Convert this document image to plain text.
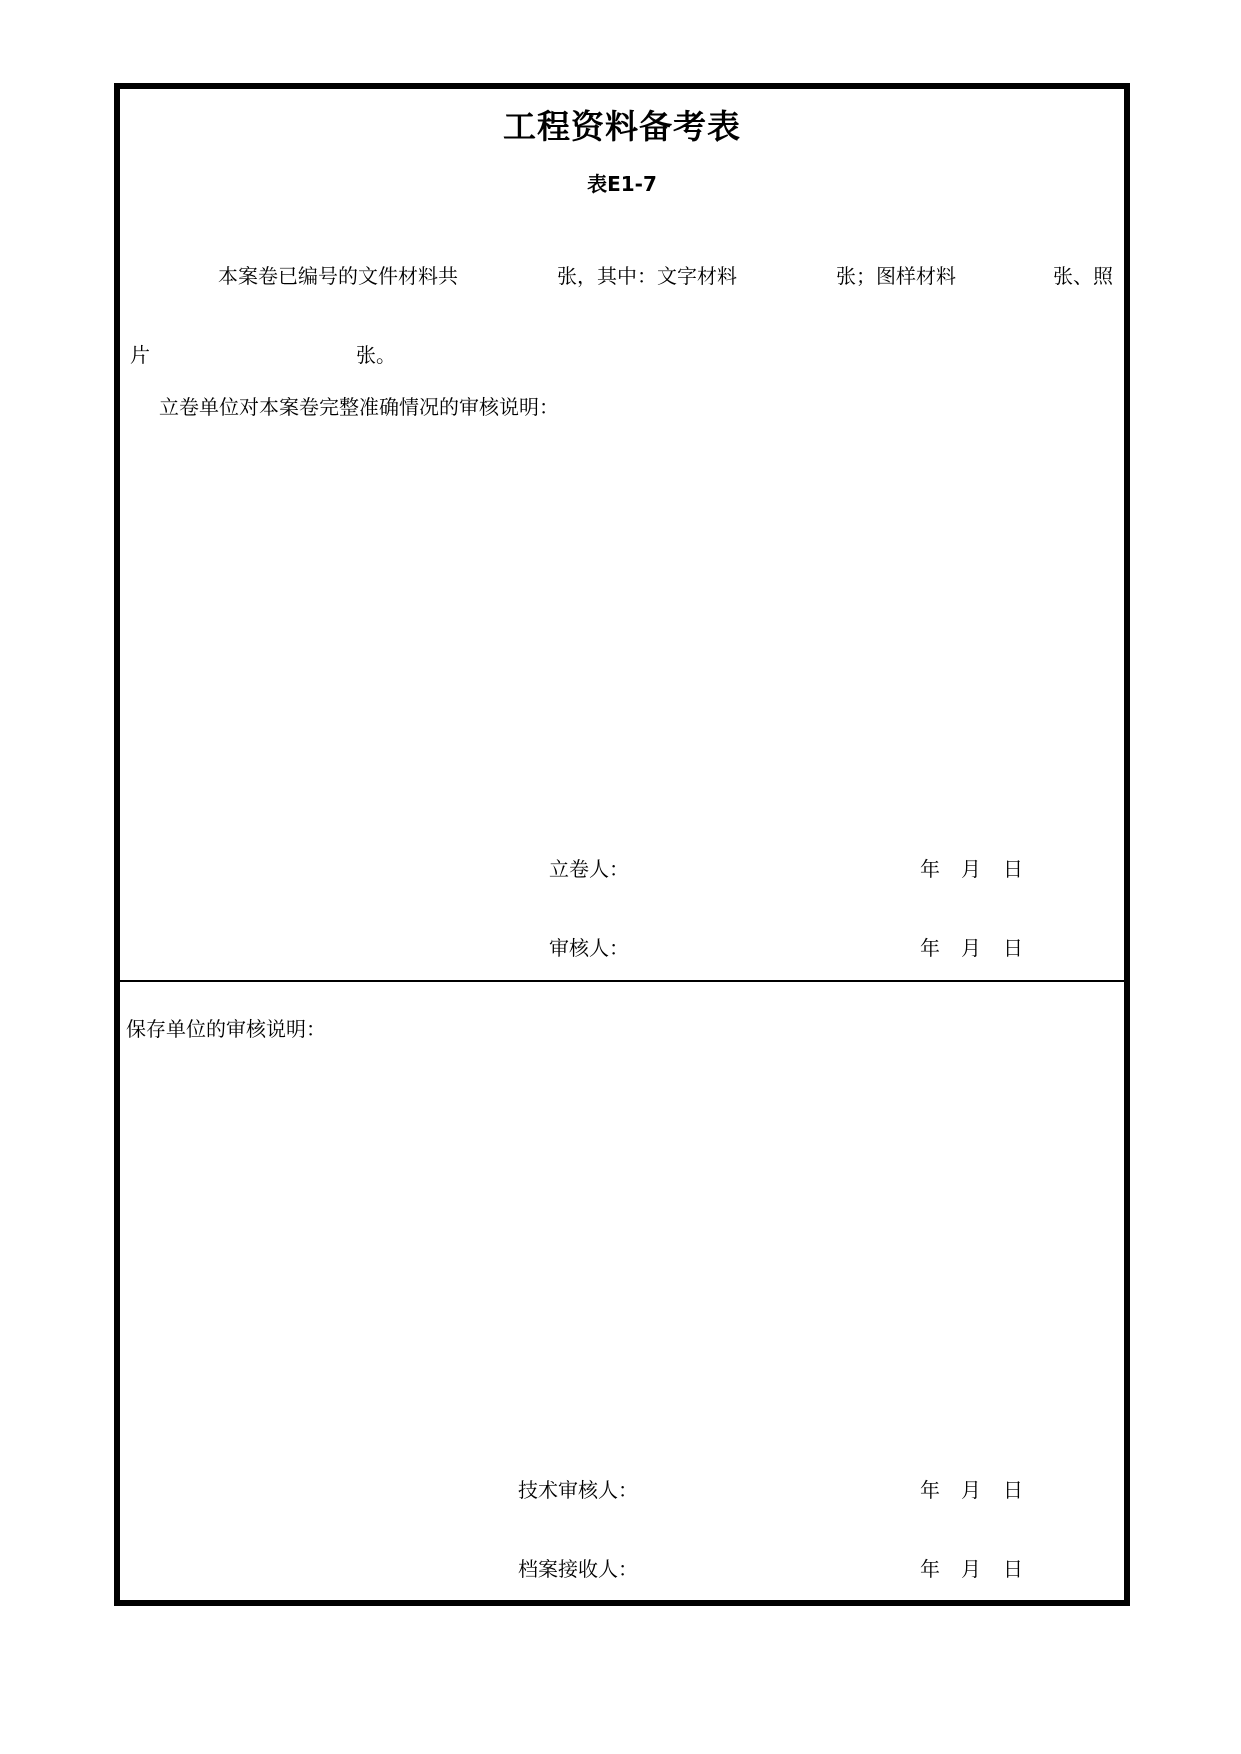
工程资料备考表
表E1-7
本案卷已编号的文件材料共	张，其中：文字材料	张；图样材料	张、照
片	张。
立卷单位对本案卷完整准确情况的审核说明：
立卷人：	年 月 日
审核人：	年 月 日
保存单位的审核说明：
技术审核人：	年 月 日
档案接收人：	年 月 日
